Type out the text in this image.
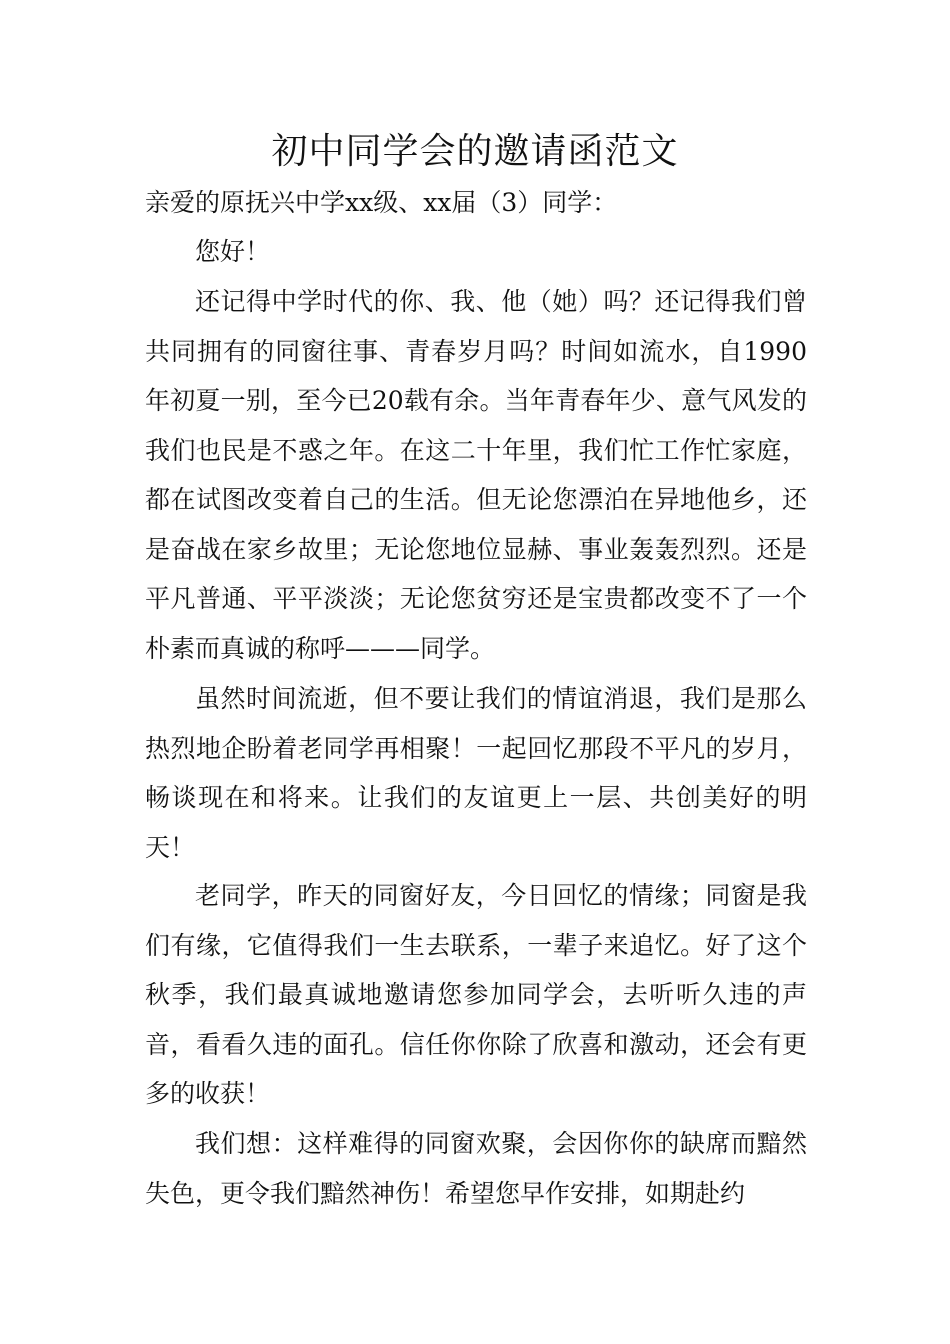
初中同学会的邀请函范文
亲爱的原抚兴中学xx级、xx届（3）同学：
您好！

还记得中学时代的你、我、他（她）吗？还记得我们曾共同拥有的同窗往事、青春岁月吗？时间如流水，自1990年初夏一别，至今已20载有余。当年青春年少、意气风发的我们也民是不惑之年。在这二十年里，我们忙工作忙家庭，都在试图改变着自己的生活。但无论您漂泊在异地他乡，还是奋战在家乡故里；无论您地位显赫、事业轰轰烈烈。还是平凡普通、平平淡淡；无论您贫穷还是宝贵都改变不了一个朴素而真诚的称呼———同学。

虽然时间流逝，但不要让我们的情谊消退，我们是那么热烈地企盼着老同学再相聚！一起回忆那段不平凡的岁月，畅谈现在和将来。让我们的友谊更上一层、共创美好的明天！

老同学，昨天的同窗好友，今日回忆的情缘；同窗是我们有缘，它值得我们一生去联系，一辈子来追忆。好了这个秋季，我们最真诚地邀请您参加同学会，去听听久违的声音，看看久违的面孔。信任你你除了欣喜和激动，还会有更多的收获！

我们想：这样难得的同窗欢聚，会因你你的缺席而黯然失色，更令我们黯然神伤！希望您早作安排，如期赴约
